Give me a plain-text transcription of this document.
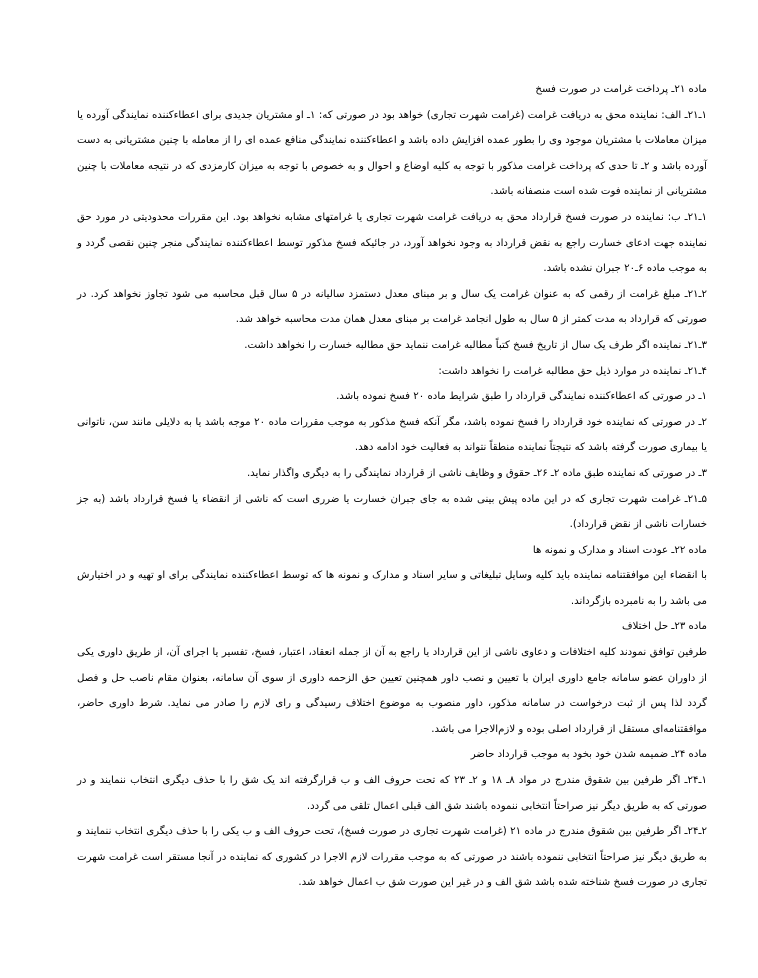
ماده ۲۱ـ پرداخت غرامت در صورت فسخ

۱ـ۲۱ـ الف: نماینده محق به دریافت غرامت (غرامت شهرت تجاری) خواهد بود در صورتی که: ۱ـ او مشتریان جدیدی برای اعطاءکننده نمایندگی آورده یا میزان معاملات با مشتریان موجود وی را بطور عمده افزایش داده باشد و اعطاءکننده نمایندگی منافع عمده ای را از معامله با چنین مشتریانی به دست آورده باشد و ۲ـ تا حدی که پرداخت غرامت مذکور با توجه به کلیه اوضاع و احوال و به خصوص با توجه به میزان کارمزدی که در نتیجه معاملات با چنین مشتریانی از نماینده فوت شده است منصفانه باشد.

۱ـ۲۱ـ ب: نماینده در صورت فسخ قرارداد محق به دریافت غرامت شهرت تجاری یا غرامتهای مشابه نخواهد بود. این مقررات محدودیتی در مورد حق نماینده جهت ادعای خسارت راجع به نقض قرارداد به وجود نخواهد آورد، در جائیکه فسخ مذکور توسط اعطاءکننده نمایندگی منجر چنین نقصی گردد و به موجب ماده ۶ـ۲۰ جبران نشده باشد.

۲ـ۲۱ـ مبلغ غرامت از رقمی که به عنوان غرامت یک سال و بر مبنای معدل دستمزد سالیانه در ۵ سال قبل محاسبه می شود تجاوز نخواهد کرد. در صورتی که قرارداد به مدت کمتر از ۵ سال به طول انجامد غرامت بر مبنای معدل همان مدت محاسبه خواهد شد.

۳ـ۲۱ـ نماینده اگر طرف یک سال از تاریخ فسخ کتباً مطالبه غرامت ننماید حق مطالبه خسارت را نخواهد داشت.

۴ـ۲۱ـ نماینده در موارد ذیل حق مطالبه غرامت را نخواهد داشت:

۱ـ در صورتی که اعطاءکننده نمایندگی قرارداد را طبق شرایط ماده ۲۰ فسخ نموده باشد.

۲ـ در صورتی که نماینده خود قرارداد را فسخ نموده باشد، مگر آنکه فسخ مذکور به موجب مقررات ماده ۲۰ موجه باشد یا به دلایلی مانند سن، ناتوانی یا بیماری صورت گرفته باشد که نتیجتاً نماینده منطقاً نتواند به فعالیت خود ادامه دهد.

۳ـ در صورتی که نماینده طبق ماده ۲ـ ۲۶ـ حقوق و وظایف ناشی از قرارداد نمایندگی را به دیگری واگذار نماید.

۵ـ۲۱ـ غرامت شهرت تجاری که در این ماده پیش بینی شده به جای جبران خسارت یا ضرری است که ناشی از انقضاء یا فسخ قرارداد باشد (به جز خسارات ناشی از نقض قرارداد).

ماده ۲۲ـ عودت اسناد و مدارک و نمونه ها

با انقضاء این موافقتنامه نماینده باید کلیه وسایل تبلیغاتی و سایر اسناد و مدارک و نمونه ها که توسط اعطاءکننده نمایندگی برای او تهیه و در اختیارش می باشد را به نامبرده بازگرداند.

ماده ۲۳ـ حل اختلاف

طرفین توافق نمودند کلیه اختلافات و دعاوی ناشی از این قرارداد یا راجع به آن از جمله انعقاد، اعتبار، فسخ، تفسیر یا اجرای آن، از طریق داوری یکی از داوران عضو سامانه جامع داوری ایران با تعیین و نصب داور همچنین تعیین حق الزحمه داوری از سوی آن سامانه، بعنوان مقام ناصب حل و فصل گردد لذا پس از ثبت درخواست در سامانه مذکور، داور منصوب به موضوع اختلاف رسیدگی و رای لازم را صادر می نماید. شرط داوری حاضر، موافقتنامه‌ای مستقل از قرارداد اصلی بوده و لازم‌الاجرا می باشد.

ماده ۲۴ـ ضمیمه شدن خود بخود به موجب قرارداد حاضر

۱ـ۲۴ـ اگر طرفین بین شقوق مندرج در مواد ۸ـ ۱۸ و ۲ـ ۲۳ که تحت حروف الف و ب قرارگرفته اند یک شق را با حذف دیگری انتخاب ننمایند و در صورتی که به طریق دیگر نیز صراحتاً انتخابی ننموده باشند شق الف قبلی اعمال تلقی می گردد.

۲ـ۲۴ـ اگر طرفین بین شقوق مندرج در ماده ۲۱ (غرامت شهرت تجاری در صورت فسخ)، تحت حروف الف و ب یکی را با حذف دیگری انتخاب ننمایند و به طریق دیگر نیز صراحتاً انتخابی ننموده باشند در صورتی که به موجب مقررات لازم الاجرا در کشوری که نماینده در آنجا مستقر است غرامت شهرت تجاری در صورت فسخ شناخته شده باشد شق الف و در غیر این صورت شق ب اعمال خواهد شد.
